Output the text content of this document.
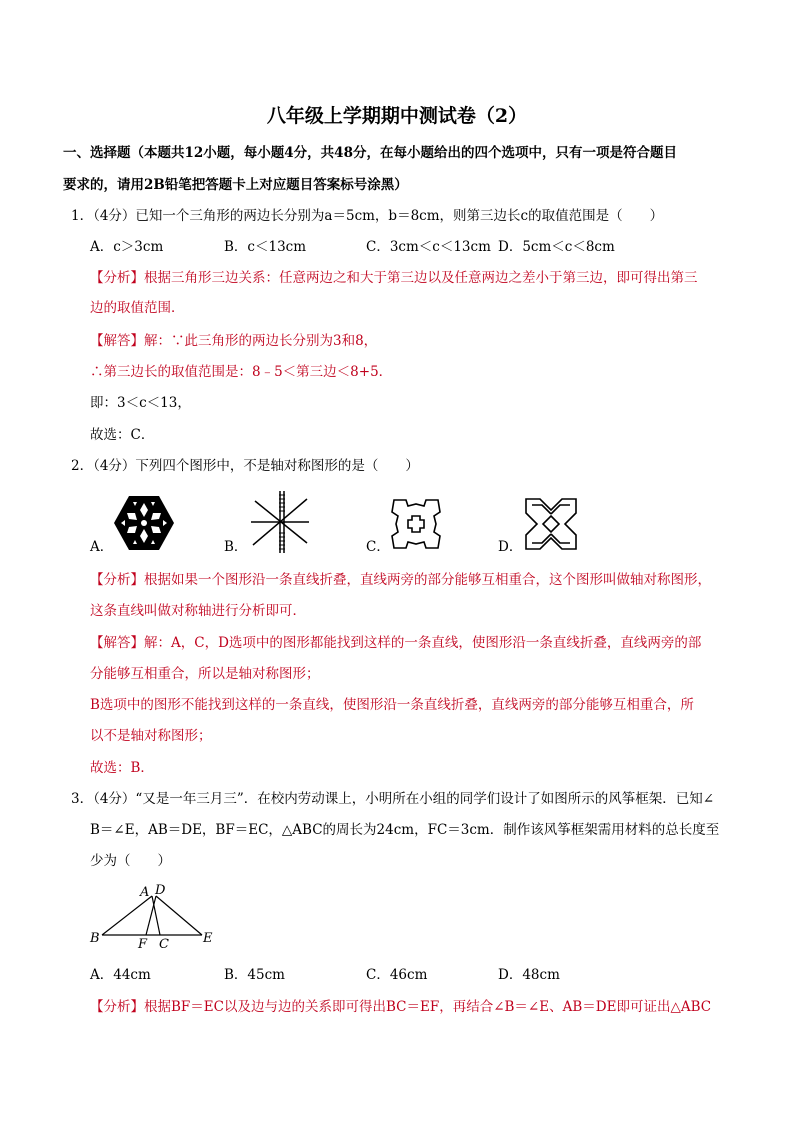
八年级上学期期中测试卷（2）
一、选择题（本题共12小题，每小题4分，共48分，在每小题给出的四个选项中，只有一项是符合题目
要求的，请用2B铅笔把答题卡上对应题目答案标号涂黑）
1．（4分）已知一个三角形的两边长分别为a＝5cm，b＝8cm，则第三边长c的取值范围是（　　）
A．c＞3cm	B．c＜13cm	C．3cm＜c＜13cm D．5cm＜c＜8cm
【分析】根据三角形三边关系：任意两边之和大于第三边以及任意两边之差小于第三边，即可得出第三
边的取值范围．
【解答】解：∵此三角形的两边长分别为3和8，
∴第三边长的取值范围是：8﹣5＜第三边＜8+5．
即：3＜c＜13，
故选：C．
2．（4分）下列四个图形中，不是轴对称图形的是（　　）
A．	B．	C．	D．
【分析】根据如果一个图形沿一条直线折叠，直线两旁的部分能够互相重合，这个图形叫做轴对称图形，
这条直线叫做对称轴进行分析即可．
【解答】解：A，C，D选项中的图形都能找到这样的一条直线，使图形沿一条直线折叠，直线两旁的部
分能够互相重合，所以是轴对称图形；
B选项中的图形不能找到这样的一条直线，使图形沿一条直线折叠，直线两旁的部分能够互相重合，所
以不是轴对称图形；
故选：B．
3．（4分）“又是一年三月三”．在校内劳动课上，小明所在小组的同学们设计了如图所示的风筝框架．已知∠
B＝∠E，AB＝DE，BF＝EC，△ABC的周长为24cm，FC＝3cm．制作该风筝框架需用材料的总长度至
少为（　　）
A D
B	F C	E
A．44cm	B．45cm	C．46cm	D．48cm
【分析】根据BF＝EC以及边与边的关系即可得出BC＝EF，再结合∠B＝∠E、AB＝DE即可证出△ABC
